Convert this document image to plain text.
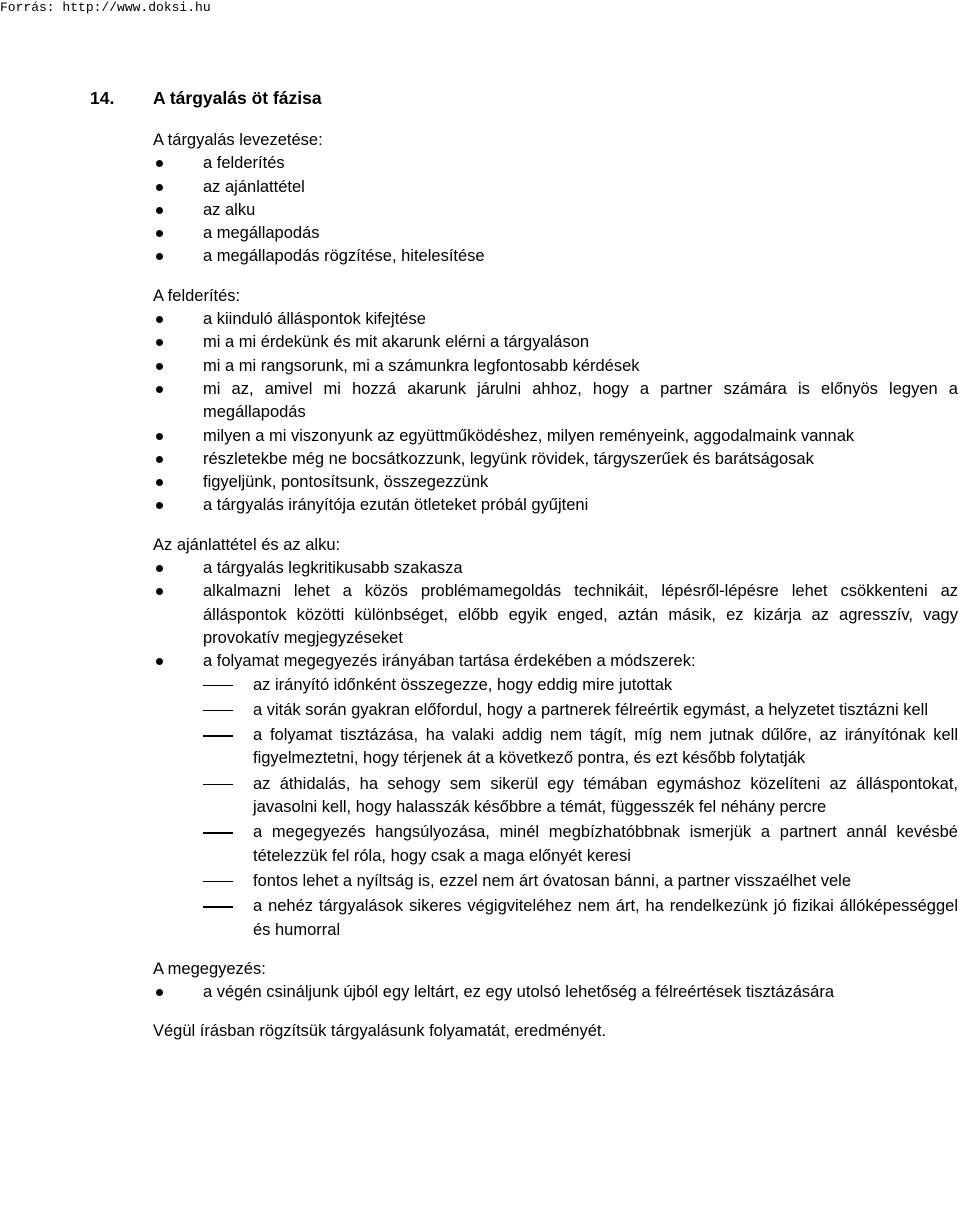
Forrás: http://www.doksi.hu
14. A tárgyalás öt fázisa
A tárgyalás levezetése:
a felderítés
az ajánlattétel
az alku
a megállapodás
a megállapodás rögzítése, hitelesítése
A felderítés:
a kiinduló álláspontok kifejtése
mi a mi érdekünk és mit akarunk elérni a tárgyaláson
mi a mi rangsorunk, mi a számunkra legfontosabb kérdések
mi az, amivel mi hozzá akarunk járulni ahhoz, hogy a partner számára is előnyös legyen a megállapodás
milyen a mi viszonyunk az együttműködéshez, milyen reményeink, aggodalmaink vannak
részletekbe még ne bocsátkozzunk, legyünk rövidek, tárgyszerűek és barátságosak
figyeljünk, pontosítsunk, összegezzünk
a tárgyalás irányítója ezután ötleteket próbál gyűjteni
Az ajánlattétel és az alku:
a tárgyalás legkritikusabb szakasza
alkalmazni lehet a közös problémamegoldás technikáit, lépésről-lépésre lehet csökkenteni az álláspontok közötti különbséget, előbb egyik enged, aztán másik, ez kizárja az agresszív, vagy provokatív megjegyzéseket
a folyamat megegyezés irányában tartása érdekében a módszerek:
az irányító időnként összegezze, hogy eddig mire jutottak
a viták során gyakran előfordul, hogy a partnerek félreértik egymást, a helyzetet tisztázni kell
a folyamat tisztázása, ha valaki addig nem tágít, míg nem jutnak dűlőre, az irányítónak kell figyelmeztetni, hogy térjenek át a következő pontra, és ezt később folytatják
az áthidalás, ha sehogy sem sikerül egy témában egymáshoz közelíteni az álláspontokat, javasolni kell, hogy halasszák későbbre a témát, függesszék fel néhány percre
a megegyezés hangsúlyozása, minél megbízhatóbbnak ismerjük a partnert annál kevésbé tételezzük fel róla, hogy csak a maga előnyét keresi
fontos lehet a nyíltság is, ezzel nem árt óvatosan bánni, a partner visszaélhet vele
a nehéz tárgyalások sikeres végigviteléhez nem árt, ha rendelkezünk jó fizikai állóképességgel és humorral
A megegyezés:
a végén csináljunk újból egy leltárt, ez egy utolsó lehetőség a félreértések tisztázására
Végül írásban rögzítsük tárgyalásunk folyamatát, eredményét.
